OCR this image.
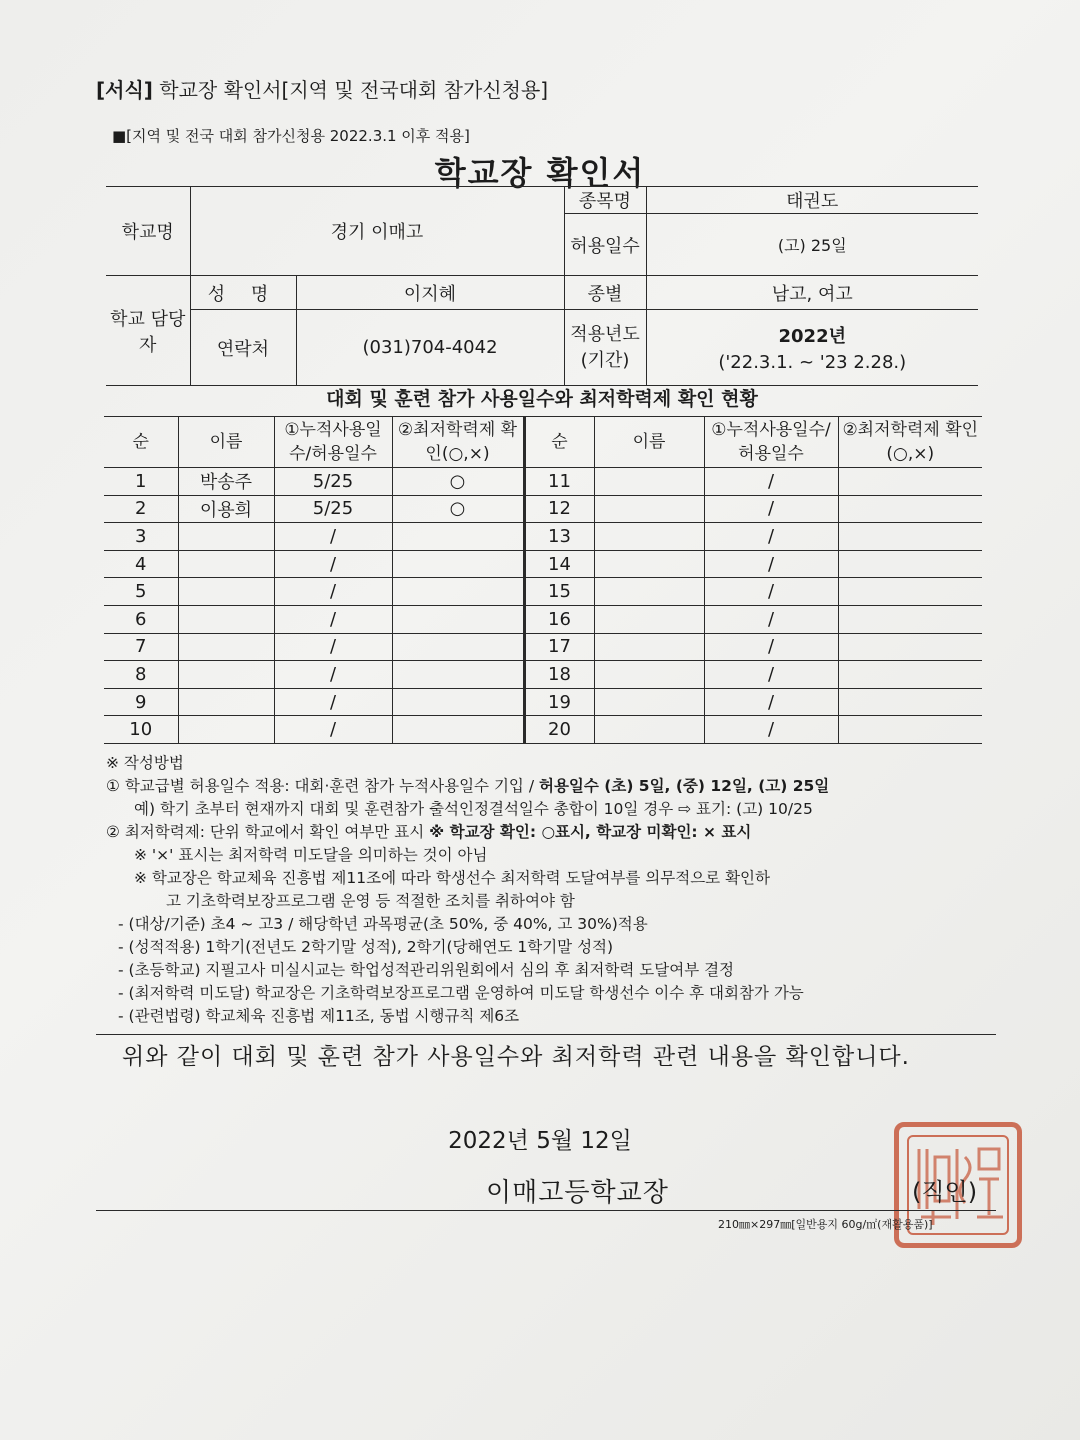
[서식] 학교장 확인서[지역 및 전국대회 참가신청용]
■[지역 및 전국 대회 참가신청용 2022.3.1 이후 적용]
학교장 확인서
학교명	경기 이매고		종목명	태권도
			허용일수	(고) 25일
학교 담당자	성 명	이지혜	종별	남고, 여고
	연락처	(031)704-4042	적용년도 (기간)	2022년
('22.3.1. ~ '23 2.28.)
대회 및 훈련 참가 사용일수와 최저학력제 확인 현황
순	이름	①누적사용일수/허용일수	②최저학력제 확인(○,×)	순	이름	①누적사용일수/허용일수	②최저학력제 확인(○,×)
1	박송주	5/25	○	11		/	
2	이용희	5/25	○	12		/	
3		/		13		/	
4		/		14		/	
5		/		15		/	
6		/		16		/	
7		/		17		/	
8		/		18		/	
9		/		19		/	
10		/		20		/	

※ 작성방법

① 학교급별 허용일수 적용: 대회·훈련 참가 누적사용일수 기입 / 허용일수 (초) 5일, (중) 12일, (고) 25일

예) 학기 초부터 현재까지 대회 및 훈련참가 출석인정결석일수 총합이 10일 경우 ⇨ 표기: (고) 10/25

② 최저학력제: 단위 학교에서 확인 여부만 표시 ※ 학교장 확인: ○표시, 학교장 미확인: × 표시

※ '×' 표시는 최저학력 미도달을 의미하는 것이 아님

※ 학교장은 학교체육 진흥법 제11조에 따라 학생선수 최저학력 도달여부를 의무적으로 확인하

고 기초학력보장프로그램 운영 등 적절한 조치를 취하여야 함

- (대상/기준) 초4 ~ 고3 / 해당학년 과목평균(초 50%, 중 40%, 고 30%)적용

- (성적적용) 1학기(전년도 2학기말 성적), 2학기(당해연도 1학기말 성적)

- (초등학교) 지필고사 미실시교는 학업성적관리위원회에서 심의 후 최저학력 도달여부 결정

- (최저학력 미도달) 학교장은 기초학력보장프로그램 운영하여 미도달 학생선수 이수 후 대회참가 가능

- (관련법령) 학교체육 진흥법 제11조, 동법 시행규칙 제6조

위와 같이 대회 및 훈련 참가 사용일수와 최저학력 관련 내용을 확인합니다.
2022년 5월 12일
이매고등학교장	(직인)
210㎜×297㎜[일반용지 60g/㎡(재활용품)]
